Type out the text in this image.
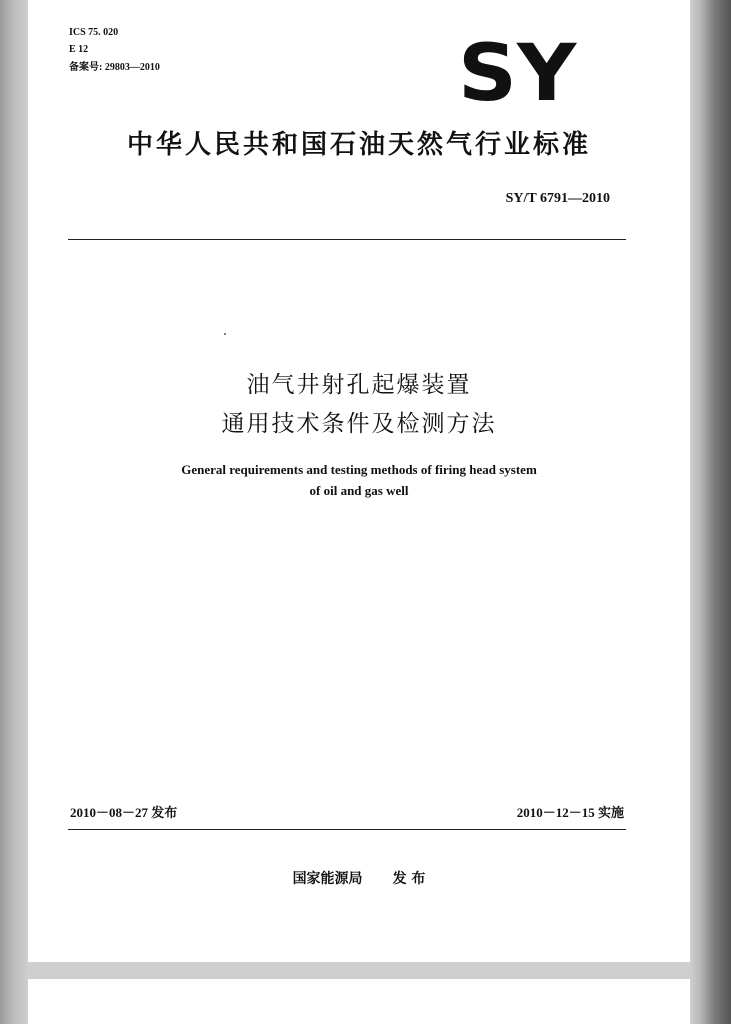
ICS 75. 020
E 12
备案号: 29803—2010	SY
中华人民共和国石油天然气行业标准
SY/T 6791—2010
油气井射孔起爆装置
通用技术条件及检测方法
General requirements and testing methods of firing head system
of oil and gas well
2010－08－27 发布	2010－12－15 实施
国家能源局 发 布
